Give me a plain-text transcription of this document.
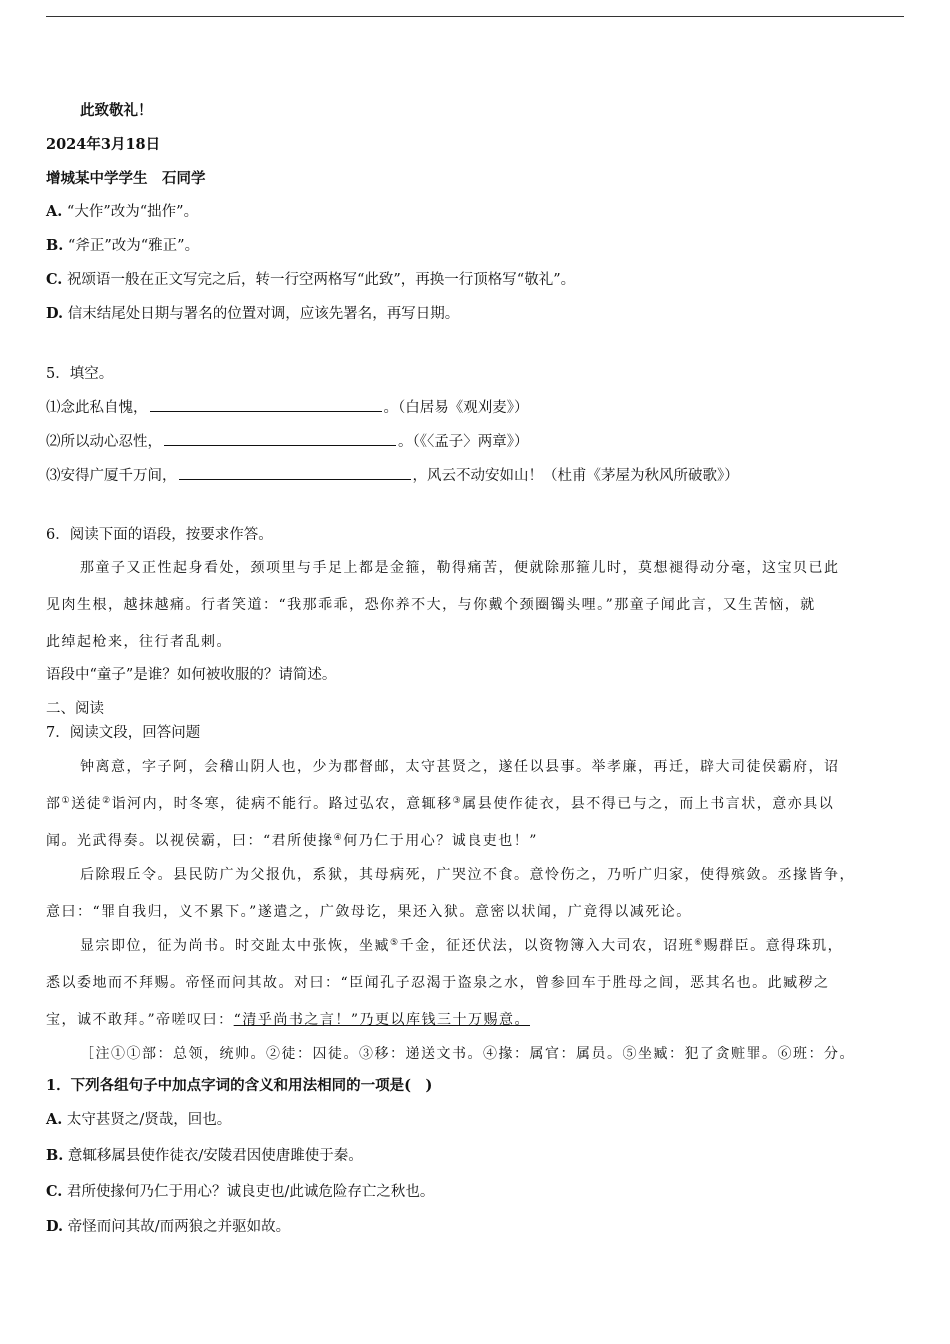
此致敬礼！
2024年3月18日
增城某中学学生　石同学
A. “大作”改为“拙作”。
B. “斧正”改为“雅正”。
C. 祝颂语一般在正文写完之后，转一行空两格写“此致”，再换一行顶格写“敬礼”。
D. 信末结尾处日期与署名的位置对调，应该先署名，再写日期。
5．填空。
⑴念此私自愧，	。（白居易《观刈麦》）
⑵所以动心忍性，	。（《〈孟子〉两章》）
⑶安得广厦千万间，	，风云不动安如山！（杜甫《茅屋为秋风所破歌》）
6．阅读下面的语段，按要求作答。
那童子又正性起身看处，颈项里与手足上都是金箍，勒得痛苦，便就除那箍儿时，莫想褪得动分毫，这宝贝已此
见肉生根，越抹越痛。行者笑道：“我那乖乖，恐你养不大，与你戴个颈圈镯头哩。”那童子闻此言，又生苦恼，就
此绰起枪来，往行者乱刺。
语段中“童子”是谁？如何被收服的？请简述。
二、阅读
7．阅读文段，回答问题
钟离意，字子阿，会稽山阴人也，少为郡督邮，太守甚贤之，遂任以县事。举孝廉，再迁，辟大司徒侯霸府，诏
部①送徒②诣河内，时冬寒，徒病不能行。路过弘农，意辄移③属县使作徒衣，县不得已与之，而上书言状，意亦具以
闻。光武得奏。以视侯霸，曰：“君所使掾④何乃仁于用心？诚良吏也！”
后除瑕丘令。县民防广为父报仇，系狱，其母病死，广哭泣不食。意怜伤之，乃听广归家，使得殡敛。丞掾皆争，
意曰：“罪自我归，义不累下。”遂遣之，广敛母讫，果还入狱。意密以状闻，广竟得以减死论。
显宗即位，征为尚书。时交趾太中张恢，坐臧⑤千金，征还伏法，以资物簿入大司农，诏班⑥赐群臣。意得珠玑，
悉以委地而不拜赐。帝怪而问其故。对曰：“臣闻孔子忍渴于盗泉之水，曾参回车于胜母之闾，恶其名也。此臧秽之
宝，诚不敢拜。”帝嗟叹曰：“清乎尚书之言！”乃更以库钱三十万赐意。
［注①①部：总领，统帅。②徒：囚徒。③移：递送文书。④掾：属官：属员。⑤坐臧：犯了贪赃罪。⑥班：分。
1．下列各组句子中加点字词的含义和用法相同的一项是(　)
A. 太守甚贤之/贤哉，回也。
B. 意辄移属县使作徒衣/安陵君因使唐雎使于秦。
C. 君所使掾何乃仁于用心？诚良吏也/此诚危险存亡之秋也。
D. 帝怪而问其故/而两狼之并驱如故。
